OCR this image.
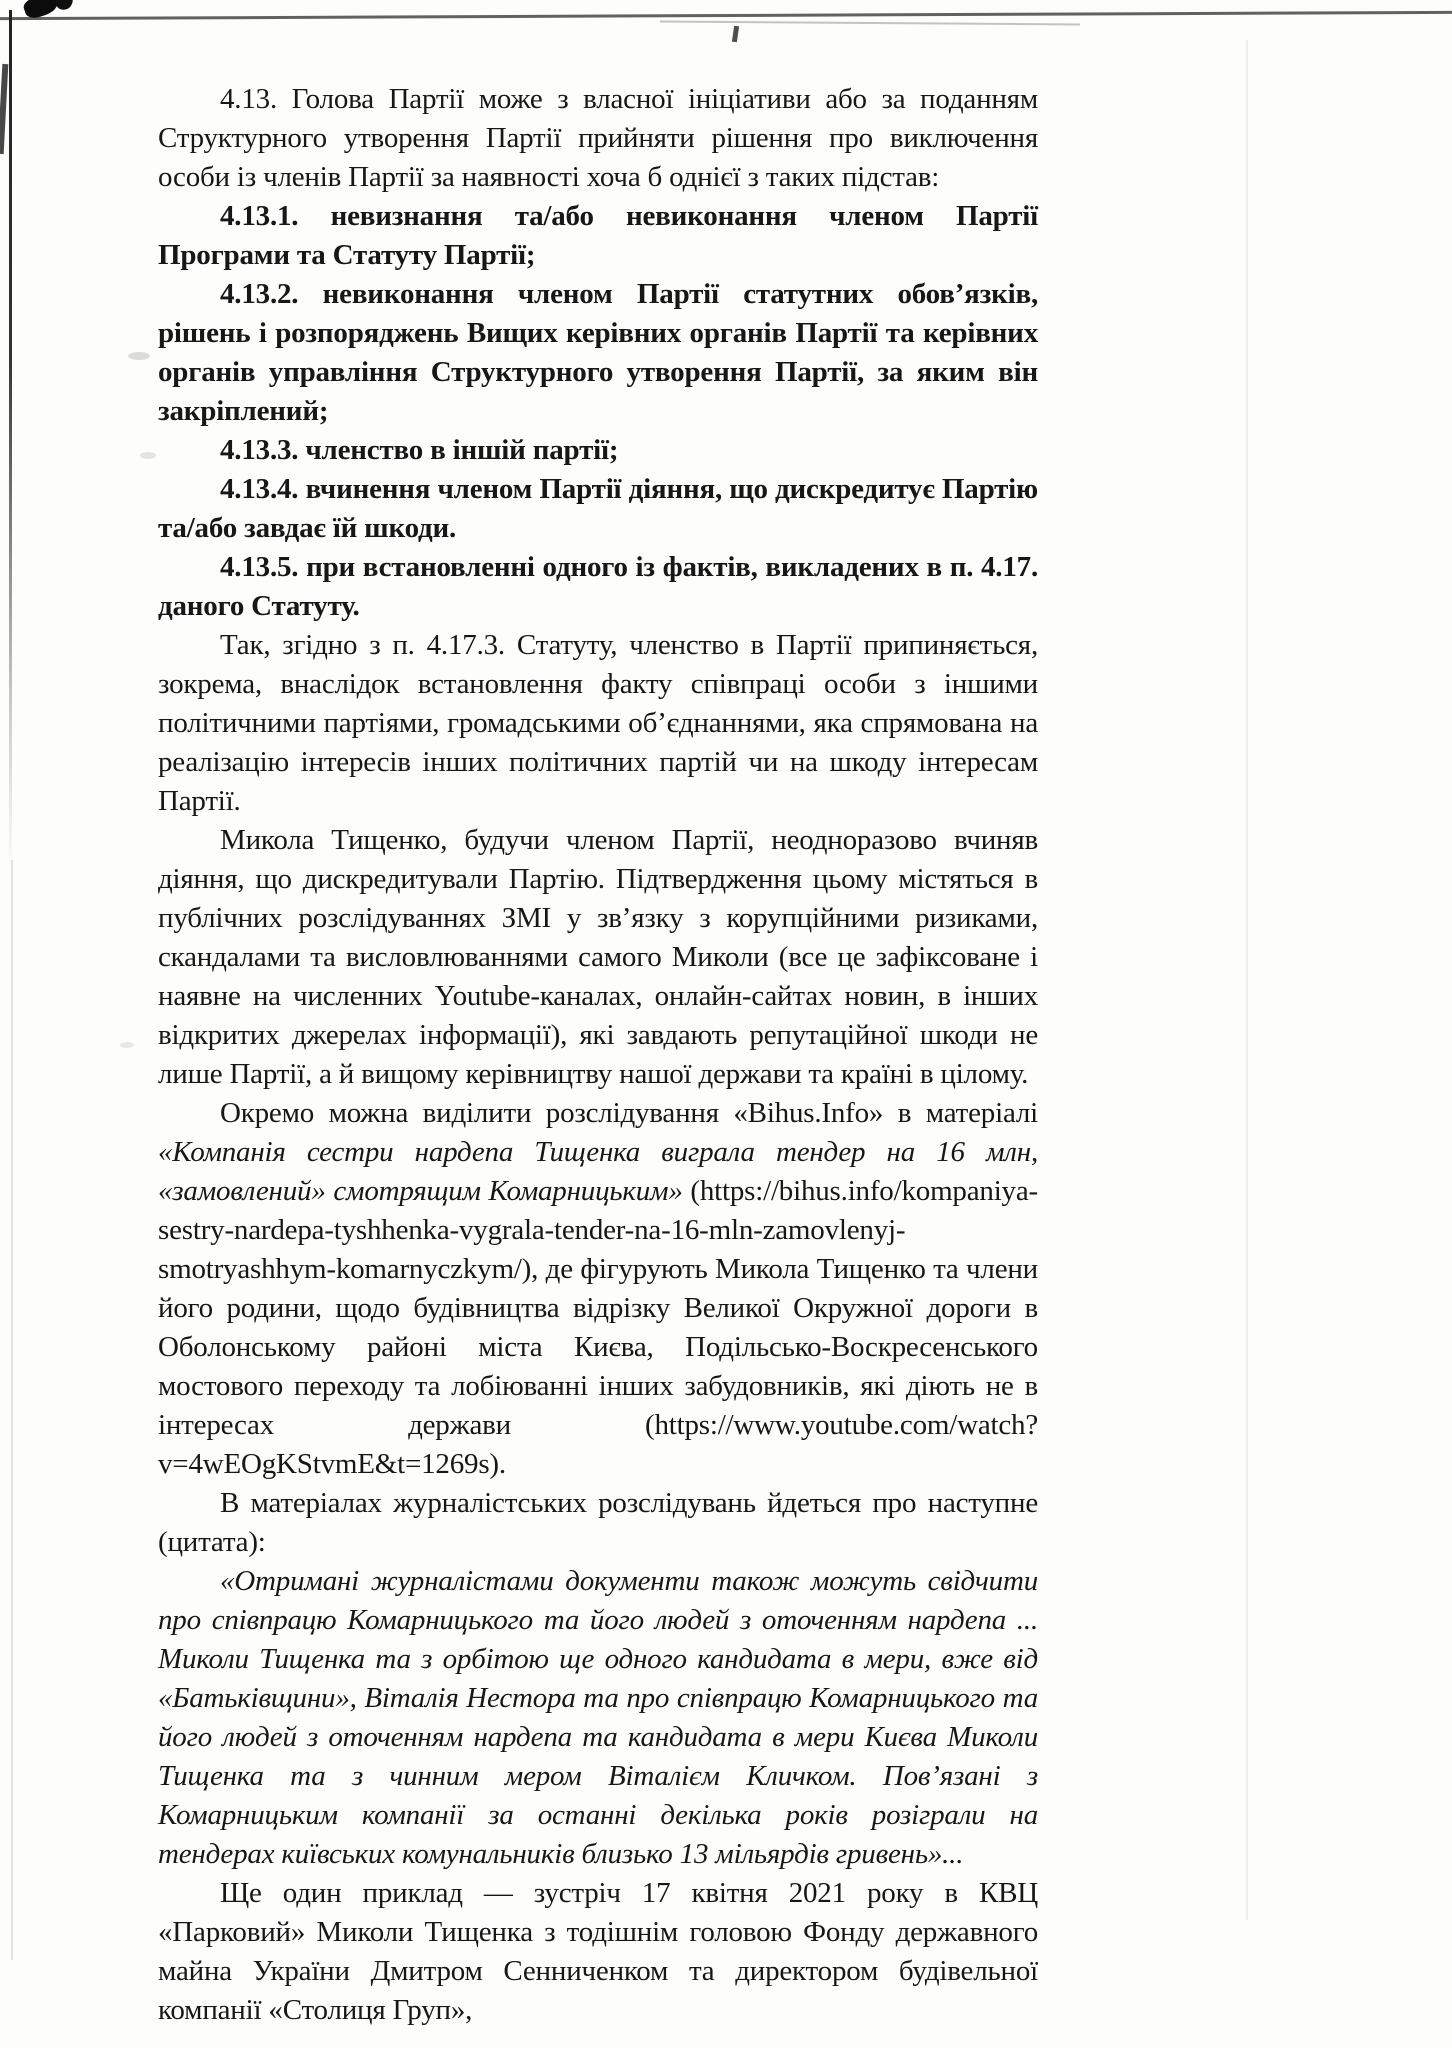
4.13. Голова Партії може з власної ініціативи або за поданням Структурного утворення Партії прийняти рішення про виключення особи із членів Партії за наявності хоча б однієї з таких підстав:

4.13.1. невизнання та/або невиконання членом Партії Програми та Статуту Партії;

4.13.2. невиконання членом Партії статутних обов’язків, рішень і розпоряджень Вищих керівних органів Партії та керівних органів управління Структурного утворення Партії, за яким він закріплений;

4.13.3. членство в іншій партії;

4.13.4. вчинення членом Партії діяння, що дискредитує Партію та/або завдає їй шкоди.

4.13.5. при встановленні одного із фактів, викладених в п. 4.17. даного Статуту.

Так, згідно з п. 4.17.3. Статуту, членство в Партії припиняється, зокрема, внаслідок встановлення факту співпраці особи з іншими політичними партіями, громадськими об’єднаннями, яка спрямована на реалізацію інтересів інших політичних партій чи на шкоду інтересам Партії.

Микола Тищенко, будучи членом Партії, неодноразово вчиняв діяння, що дискредитували Партію. Підтвердження цьому містяться в публічних розслідуваннях ЗМІ у зв’язку з корупційними ризиками, скандалами та висловлюваннями самого Миколи (все це зафіксоване і наявне на численних Youtube-каналах, онлайн-сайтах новин, в інших відкритих джерелах інформації), які завдають репутаційної шкоди не лише Партії, а й вищому керівництву нашої держави та країні в цілому.

Окремо можна виділити розслідування «Bihus.Info» в матеріалі «Компанія сестри нардепа Тищенка виграла тендер на 16 млн, «замовлений» смотрящим Комарницьким» (https://bihus.info/kompaniya-sestry-nardepa-tyshhenka-vygrala-tender-na-16-mln-zamovlenyj-smotryashhym-komarnyczkym/), де фігурують Микола Тищенко та члени його родини, щодо будівництва відрізку Великої Окружної дороги в Оболонському районі міста Києва, Подільсько-Воскресенського мостового переходу та лобіюванні інших забудовників, які діють не в інтересах держави (https://www.youtube.com/watch?v=4wEOgKStvmE&t=1269s).

В матеріалах журналістських розслідувань йдеться про наступне (цитата):

«Отримані журналістами документи також можуть свідчити про співпрацю Комарницького та його людей з оточенням нардепа ... Миколи Тищенка та з орбітою ще одного кандидата в мери, вже від «Батьківщини», Віталія Нестора та про співпрацю Комарницького та його людей з оточенням нардепа та кандидата в мери Києва Миколи Тищенка та з чинним мером Віталієм Кличком. Пов’язані з Комарницьким компанії за останні декілька років розіграли на тендерах київських комунальників близько 13 мільярдів гривень»...

Ще один приклад — зустріч 17 квітня 2021 року в КВЦ «Парковий» Миколи Тищенка з тодішнім головою Фонду державного майна України Дмитром Сенниченком та директором будівельної компанії «Столиця Груп»,
